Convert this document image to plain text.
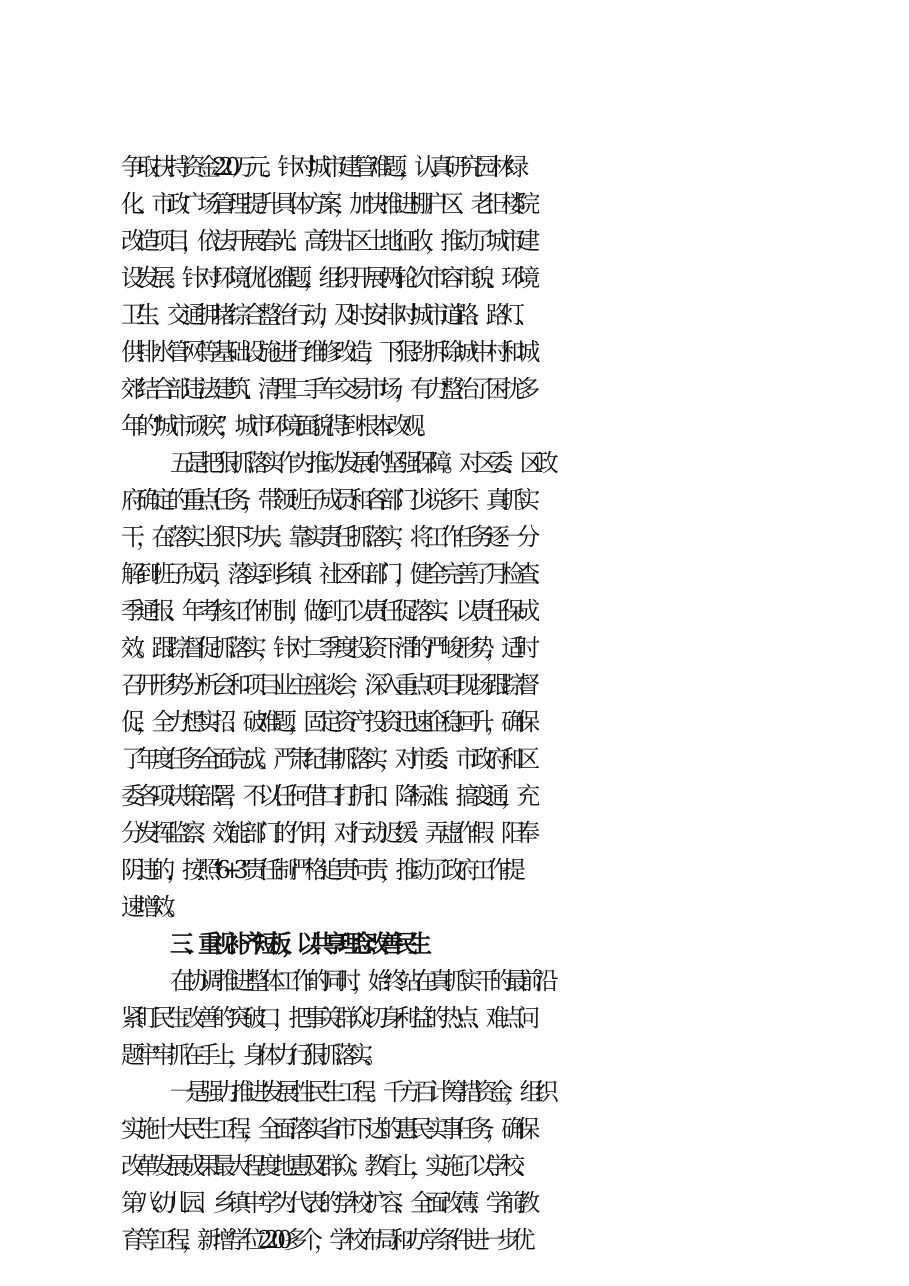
争取扶持资金220万元。针对城市建管难题，认真研究园林绿
化、市政广场管理提升具体方案，加快推进棚户区、老旧楼院
改造项目，依法开展春光、高铁片区土地征收，推动了城市建
设发展。针对环境优化难题，组织开展两轮次市容市貌、环境
卫生、交通拥堵综合整治行动，及时安排对城市道路、路灯、
供排水管网等基础设施进行维修改造，下狠劲拆除城中村和城
郊结合部违法建筑、清理二手车交易市场，有力整治了困扰多
年的“城市顽疾”，城市环境面貌得到根本改观。
五是把狠抓落实作为推动发展的坚强保障。对区委、区政
府确定的重点任务，带领班子成员和各部门少说多干、真抓实
干，在落实上狠下功夫。靠实责任抓落实，将工作任务逐一分
解到班子成员，落实到乡镇、社区和部门，健全完善了月检查、
季通报、年考核工作机制，做到了以责任促落实、以责任保成
效。跟踪督促抓落实，针对二季度投资下滑的严峻形势，适时
召开形势分析会和项目业主座谈会，深入重点项目现场跟踪督
促，全力想实招、破难题，固定资产投资迅速企稳回升，确保
了年度任务全面完成。严肃纪律抓落实，对市委、市政府和区
委各项决策部署，不以任何借口打折扣、降标准、搞变通，充
分发挥监察、效能部门的作用，对行动迟缓、弄虚作假、阳奉
阴违的，按照“6+3”责任制严格追责问责，推动了政府工作提
速增效。
三、重视补齐短板，以共享理念改善民生
在协调推进整体工作的同时，始终站在真抓实干的最前沿
紧盯民生改善的突破口，把事关群众切身利益的热点、难点问
题牢牢抓在手上，身体力行狠抓落实。
一是强力推进发展性民生工程。千方百计筹措资金，组织
实施十大民生工程，全面落实省市下达的惠民实事任务，确保
改革发展成果最大程度地惠及群众。教育上，实施了以学校、
第八幼儿园、乡镇中学为代表的学校扩容、全面改薄、学前教
育等工程，新增学位2200多个，学校布局和办学条件进一步优
